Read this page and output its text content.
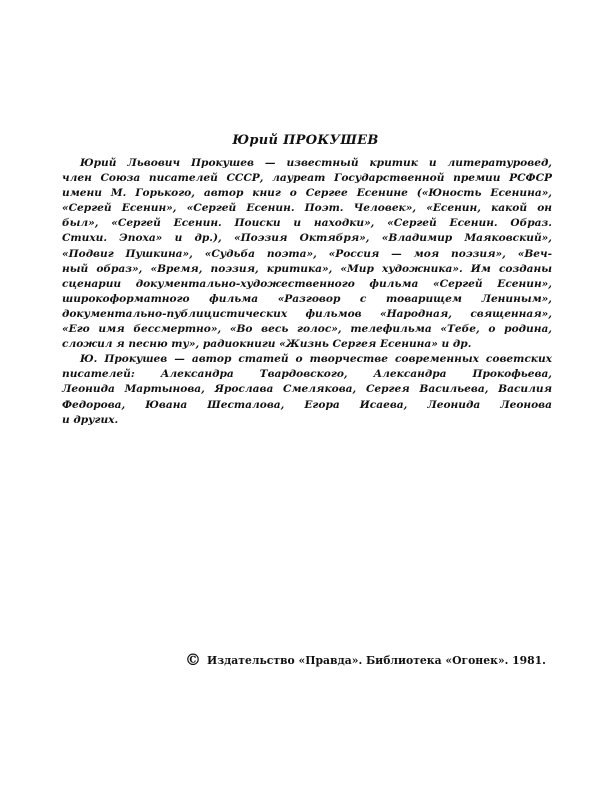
Юрий ПРОКУШЕВ

Юрий Львович Прокушев — известный критик и литературовед,
член Союза писателей СССР, лауреат Государственной премии РСФСР
имени М. Горького, автор книг о Сергее Есенине («Юность Есенина»,
«Сергей Есенин», «Сергей Есенин. Поэт. Человек», «Есенин, какой он
был», «Сергей Есенин. Поиски и находки», «Сергей Есенин. Образ.
Стихи. Эпоха» и др.), «Поэзия Октября», «Владимир Маяковский»,
«Подвиг Пушкина», «Судьба поэта», «Россия — моя поэзия», «Веч-
ный образ», «Время, поэзия, критика», «Мир художника». Им созданы
сценарии документально-художественного фильма «Сергей Есенин»,
широкоформатного фильма «Разговор с товарищем Лениным»,
документально-публицистических фильмов «Народная, священная»,
«Его имя бессмертно», «Во весь голос», телефильма «Тебе, о родина,
сложил я песню ту», радиокниги «Жизнь Сергея Есенина» и др.

Ю. Прокушев — автор статей о творчестве современных советских
писателей: Александра Твардовского, Александра Прокофьева,
Леонида Мартынова, Ярослава Смелякова, Сергея Васильева, Василия
Федорова, Ювана Шесталова, Егора Исаева, Леонида Леонова
и других.

© Издательство «Правда». Библиотека «Огонек». 1981.
